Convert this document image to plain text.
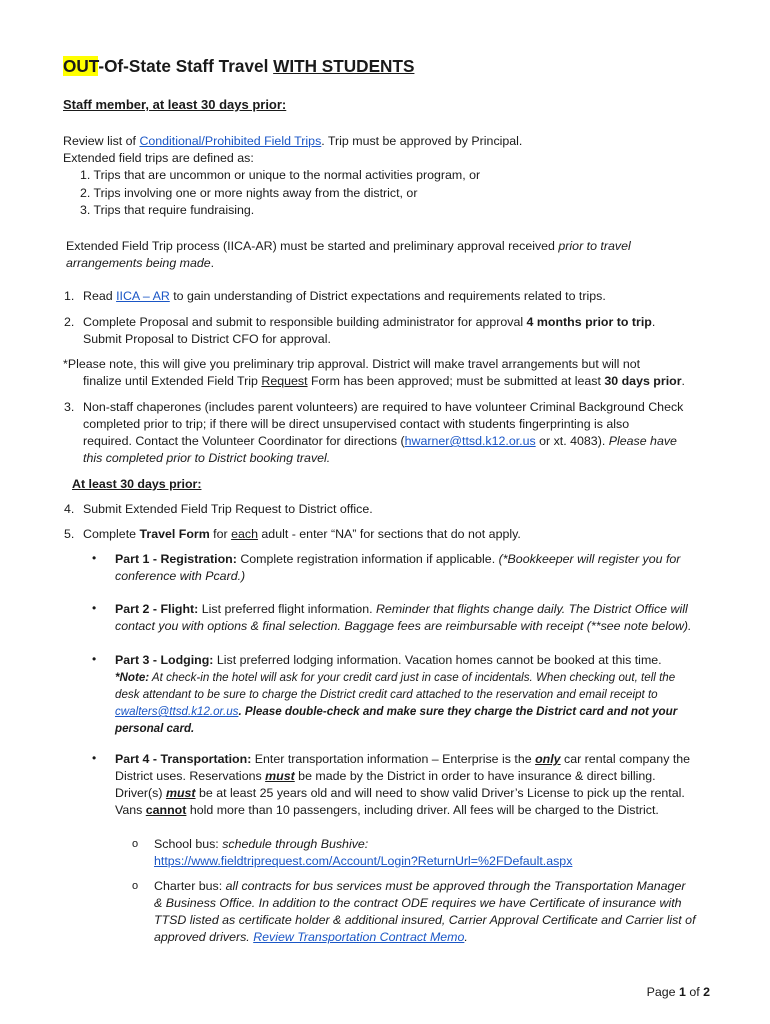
OUT-Of-State Staff Travel WITH STUDENTS
Staff member, at least 30 days prior:
Review list of Conditional/Prohibited Field Trips. Trip must be approved by Principal.
Extended field trips are defined as:
1. Trips that are uncommon or unique to the normal activities program, or
2. Trips involving one or more nights away from the district, or
3. Trips that require fundraising.
Extended Field Trip process (IICA-AR) must be started and preliminary approval received prior to travel
arrangements being made.
1. Read IICA – AR to gain understanding of District expectations and requirements related to trips.
2. Complete Proposal and submit to responsible building administrator for approval 4 months prior to trip.
Submit Proposal to District CFO for approval.
*Please note, this will give you preliminary trip approval. District will make travel arrangements but will not
finalize until Extended Field Trip Request Form has been approved; must be submitted at least 30 days prior.
3. Non-staff chaperones (includes parent volunteers) are required to have volunteer Criminal Background Check
completed prior to trip; if there will be direct unsupervised contact with students fingerprinting is also
required. Contact the Volunteer Coordinator for directions (hwarner@ttsd.k12.or.us or xt. 4083). Please have
this completed prior to District booking travel.
At least 30 days prior:
4. Submit Extended Field Trip Request to District office.
5. Complete Travel Form for each adult - enter “NA” for sections that do not apply.
• Part 1 - Registration: Complete registration information if applicable. (*Bookkeeper will register you for
conference with Pcard.)
• Part 2 - Flight: List preferred flight information. Reminder that flights change daily. The District Office will
contact you with options & final selection. Baggage fees are reimbursable with receipt (**see note below).
• Part 3 - Lodging: List preferred lodging information. Vacation homes cannot be booked at this time.
*Note: At check-in the hotel will ask for your credit card just in case of incidentals. When checking out, tell the
desk attendant to be sure to charge the District credit card attached to the reservation and email receipt to
cwalters@ttsd.k12.or.us. Please double-check and make sure they charge the District card and not your
personal card.
• Part 4 - Transportation: Enter transportation information – Enterprise is the only car rental company the
District uses. Reservations must be made by the District in order to have insurance & direct billing.
Driver(s) must be at least 25 years old and will need to show valid Driver’s License to pick up the rental.
Vans cannot hold more than 10 passengers, including driver. All fees will be charged to the District.
o School bus: schedule through Bushive:
https://www.fieldtriprequest.com/Account/Login?ReturnUrl=%2FDefault.aspx
o Charter bus: all contracts for bus services must be approved through the Transportation Manager
& Business Office. In addition to the contract ODE requires we have Certificate of insurance with
TTSD listed as certificate holder & additional insured, Carrier Approval Certificate and Carrier list of
approved drivers. Review Transportation Contract Memo.
Page 1 of 2
